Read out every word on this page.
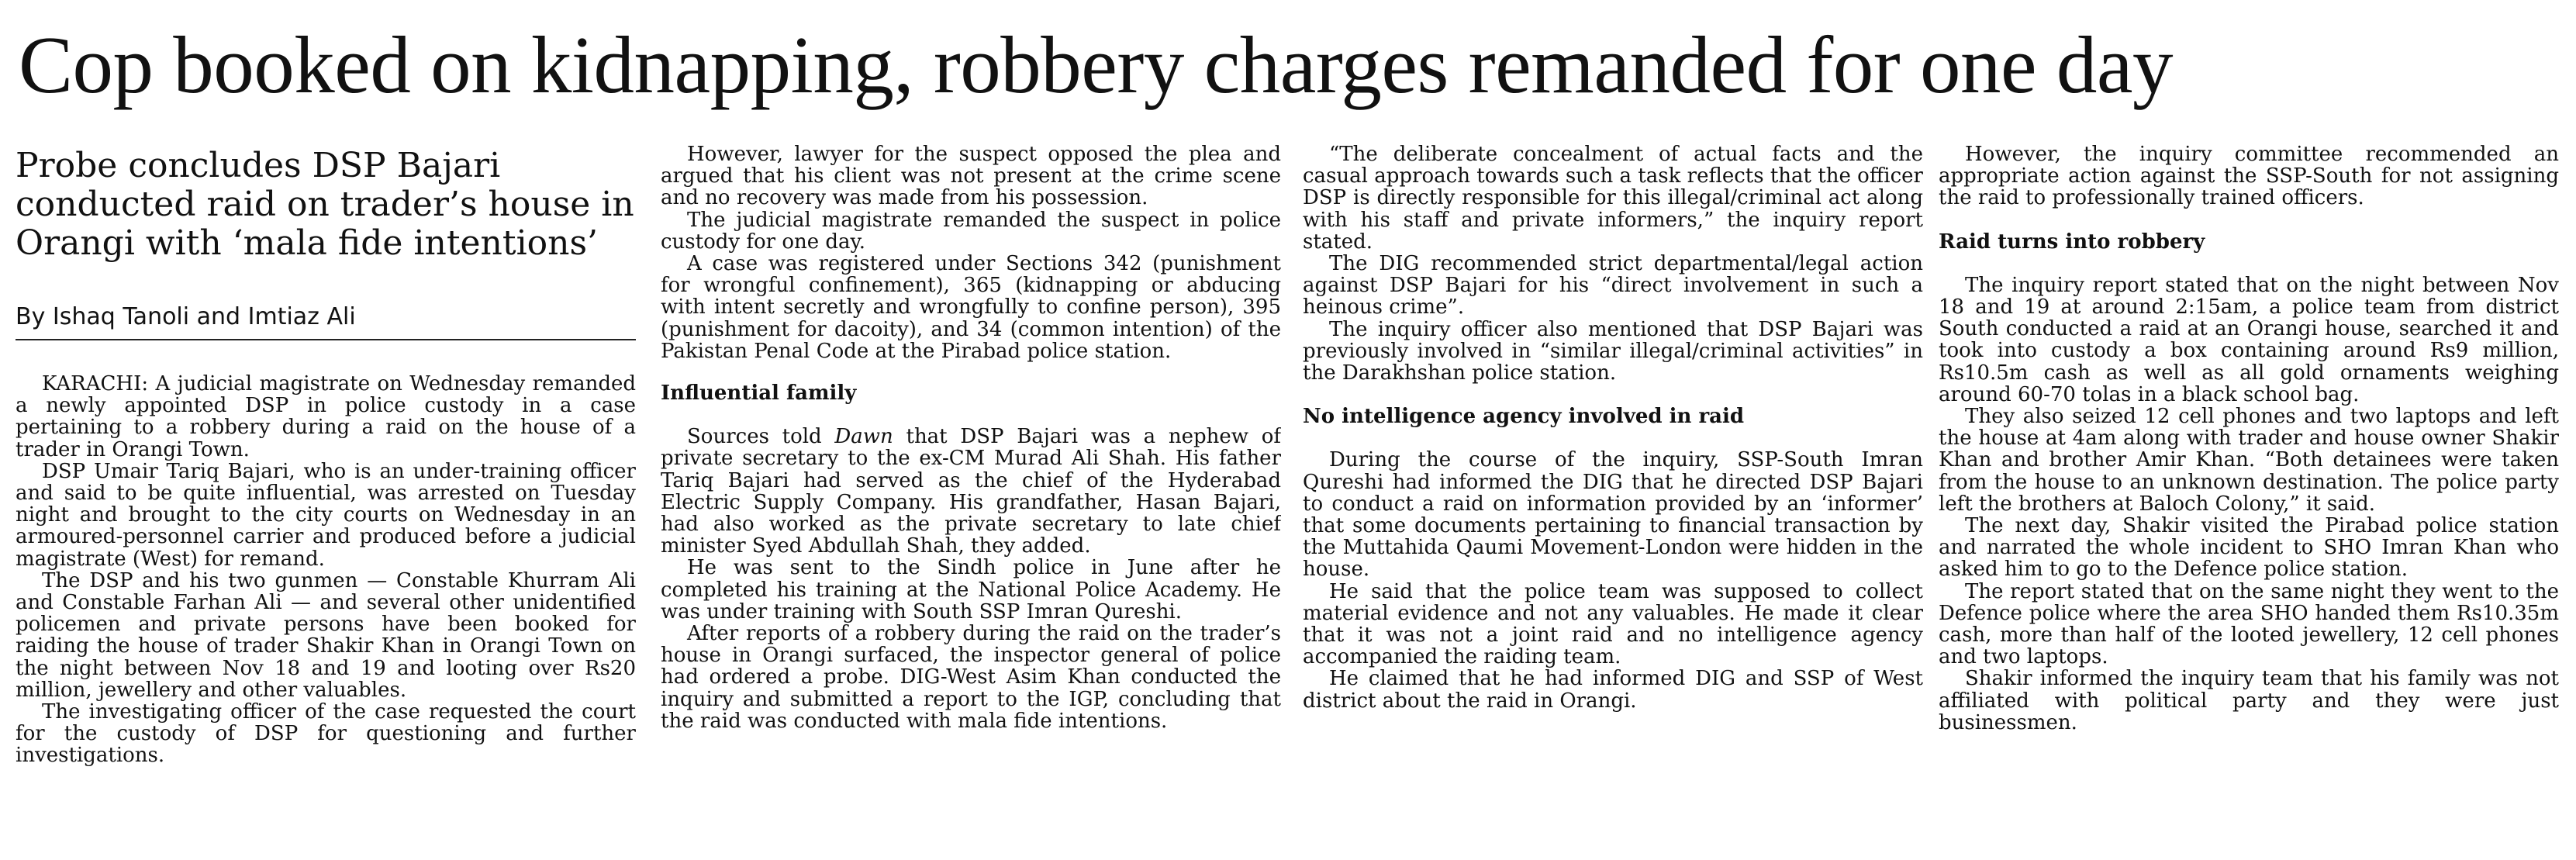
Cop booked on kidnapping, robbery charges remanded for one day

Probe concludes DSP Bajari conducted raid on trader’s house in Orangi with ‘mala fide intentions’

By Ishaq Tanoli and Imtiaz Ali

KARACHI: A judicial magistrate on Wednesday remanded a newly appointed DSP in police custody in a case pertaining to a robbery during a raid on the house of a trader in Orangi Town.

DSP Umair Tariq Bajari, who is an under-training officer and said to be quite influential, was arrested on Tuesday night and brought to the city courts on Wednesday in an armoured-personnel carrier and produced before a judicial magistrate (West) for remand.

The DSP and his two gunmen — Constable Khurram Ali and Constable Farhan Ali — and several other unidentified policemen and private persons have been booked for raiding the house of trader Shakir Khan in Orangi Town on the night between Nov 18 and 19 and looting over Rs20 million, jewellery and other valuables.

The investigating officer of the case requested the court for the custody of DSP for questioning and further investigations.

However, lawyer for the suspect opposed the plea and argued that his client was not present at the crime scene and no recovery was made from his possession.

The judicial magistrate remanded the suspect in police custody for one day.

A case was registered under Sections 342 (punishment for wrongful confinement), 365 (kidnapping or abducing with intent secretly and wrongfully to confine person), 395 (punishment for dacoity), and 34 (common intention) of the Pakistan Penal Code at the Pirabad police station.

Influential family

Sources told Dawn that DSP Bajari was a nephew of private secretary to the ex-CM Murad Ali Shah. His father Tariq Bajari had served as the chief of the Hyderabad Electric Supply Company. His grandfather, Hasan Bajari, had also worked as the private secretary to late chief minister Syed Abdullah Shah, they added.

He was sent to the Sindh police in June after he completed his training at the National Police Academy. He was under training with South SSP Imran Qureshi.

After reports of a robbery during the raid on the trader’s house in Orangi surfaced, the inspector general of police had ordered a probe. DIG-West Asim Khan conducted the inquiry and submitted a report to the IGP, concluding that the raid was conducted with mala fide intentions.

“The deliberate concealment of actual facts and the casual approach towards such a task reflects that the officer DSP is directly responsible for this illegal/criminal act along with his staff and private informers,” the inquiry report stated.

The DIG recommended strict departmental/legal action against DSP Bajari for his “direct involvement in such a heinous crime”.

The inquiry officer also mentioned that DSP Bajari was previously involved in “similar illegal/criminal activities” in the Darakhshan police station.

No intelligence agency involved in raid

During the course of the inquiry, SSP-South Imran Qureshi had informed the DIG that he directed DSP Bajari to conduct a raid on information provided by an ‘informer’ that some documents pertaining to financial transaction by the Muttahida Qaumi Movement-London were hidden in the house.

He said that the police team was supposed to collect material evidence and not any valuables. He made it clear that it was not a joint raid and no intelligence agency accompanied the raiding team.

He claimed that he had informed DIG and SSP of West district about the raid in Orangi.

However, the inquiry committee recommended an appropriate action against the SSP-South for not assigning the raid to professionally trained officers.

Raid turns into robbery

The inquiry report stated that on the night between Nov 18 and 19 at around 2:15am, a police team from district South conducted a raid at an Orangi house, searched it and took into custody a box containing around Rs9 million, Rs10.5m cash as well as all gold ornaments weighing around 60-70 tolas in a black school bag.

They also seized 12 cell phones and two laptops and left the house at 4am along with trader and house owner Shakir Khan and brother Amir Khan. “Both detainees were taken from the house to an unknown destination. The police party left the brothers at Baloch Colony,” it said.

The next day, Shakir visited the Pirabad police station and narrated the whole incident to SHO Imran Khan who asked him to go to the Defence police station.

The report stated that on the same night they went to the Defence police where the area SHO handed them Rs10.35m cash, more than half of the looted jewellery, 12 cell phones and two laptops.

Shakir informed the inquiry team that his family was not affiliated with political party and they were just businessmen.
